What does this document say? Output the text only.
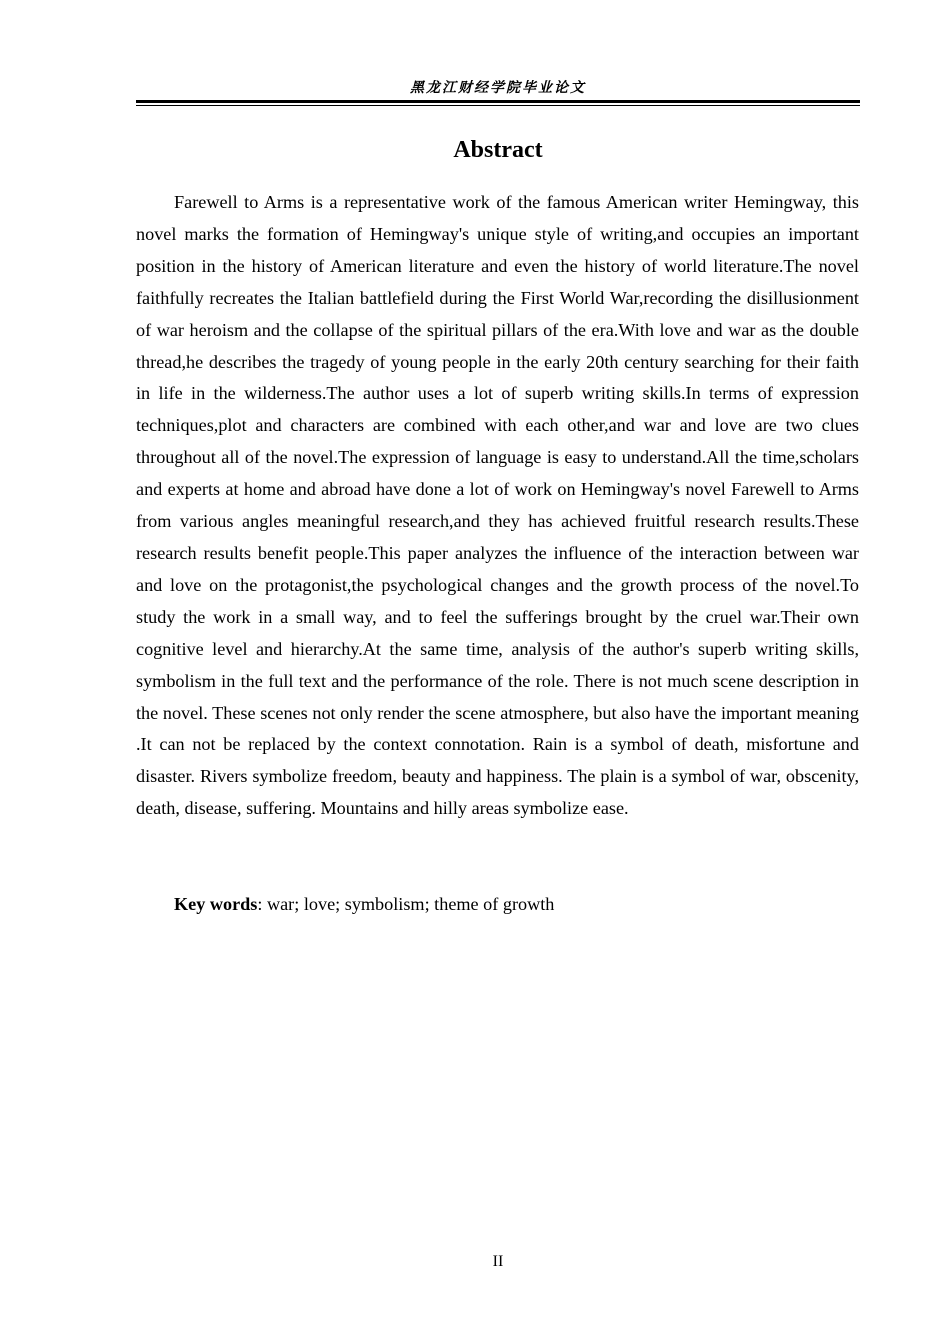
黑龙江财经学院毕业论文
Abstract

Farewell to Arms is a representative work of the famous American writer Hemingway, this novel marks the formation of Hemingway's unique style of writing,and occupies an important position in the history of American literature and even the history of world literature.The novel faithfully recreates the Italian battlefield during the First World War,recording the disillusionment of war heroism and the collapse of the spiritual pillars of the era.With love and war as the double thread,he describes the tragedy of young people in the early 20th century searching for their faith in life in the wilderness.The author uses a lot of superb writing skills.In terms of expression techniques,plot and characters are combined with each other,and war and love are two clues throughout all of the novel.The expression of language is easy to understand.All the time,scholars and experts at home and abroad have done a lot of work on Hemingway's novel Farewell to Arms from various angles meaningful research,and they has achieved fruitful research results.These research results benefit people.This paper analyzes the influence of the interaction between war and love on the protagonist,the psychological changes and the growth process of the novel.To study the work in a small way, and to feel the sufferings brought by the cruel war.Their own cognitive level and hierarchy.At the same time, analysis of the author's superb writing skills, symbolism in the full text and the performance of the role. There is not much scene description in the novel. These scenes not only render the scene atmosphere, but also have the important meaning .It can not be replaced by the context connotation. Rain is a symbol of death, misfortune and disaster. Rivers symbolize freedom, beauty and happiness. The plain is a symbol of war, obscenity, death, disease, suffering. Mountains and hilly areas symbolize ease.

Key words: war; love; symbolism; theme of growth

II
